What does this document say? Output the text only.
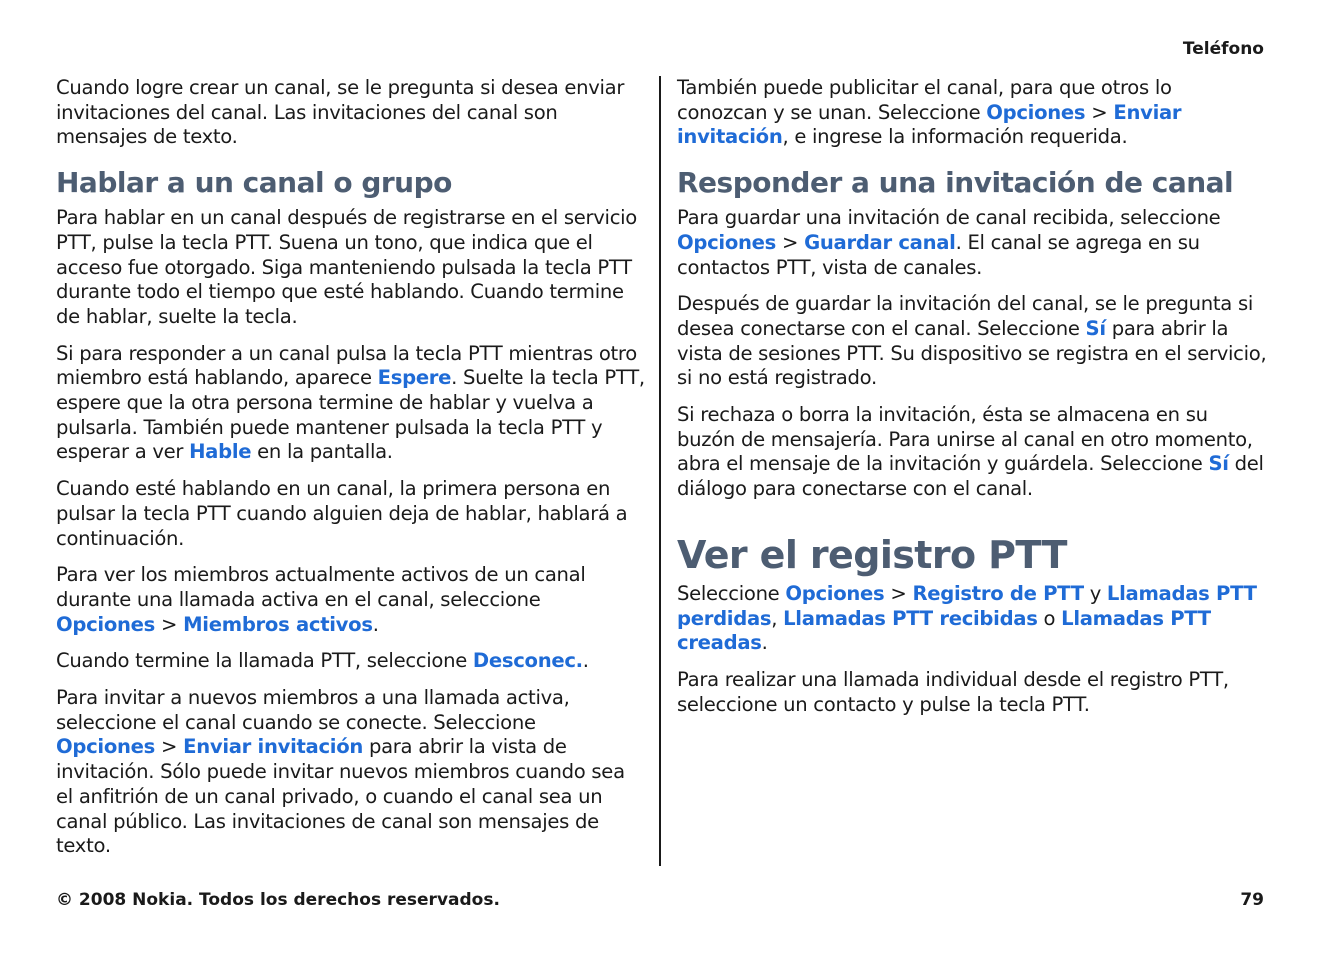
Teléfono

Cuando logre crear un canal, se le pregunta si desea enviar invitaciones del canal. Las invitaciones del canal son mensajes de texto.

Hablar a un canal o grupo

Para hablar en un canal después de registrarse en el servicio PTT, pulse la tecla PTT. Suena un tono, que indica que el acceso fue otorgado. Siga manteniendo pulsada la tecla PTT durante todo el tiempo que esté hablando. Cuando termine de hablar, suelte la tecla.

Si para responder a un canal pulsa la tecla PTT mientras otro miembro está hablando, aparece Espere. Suelte la tecla PTT, espere que la otra persona termine de hablar y vuelva a pulsarla. También puede mantener pulsada la tecla PTT y esperar a ver Hable en la pantalla.

Cuando esté hablando en un canal, la primera persona en pulsar la tecla PTT cuando alguien deja de hablar, hablará a continuación.

Para ver los miembros actualmente activos de un canal durante una llamada activa en el canal, seleccione Opciones > Miembros activos.

Cuando termine la llamada PTT, seleccione Desconec..

Para invitar a nuevos miembros a una llamada activa, seleccione el canal cuando se conecte. Seleccione Opciones > Enviar invitación para abrir la vista de invitación. Sólo puede invitar nuevos miembros cuando sea el anfitrión de un canal privado, o cuando el canal sea un canal público. Las invitaciones de canal son mensajes de texto.

También puede publicitar el canal, para que otros lo conozcan y se unan. Seleccione Opciones > Enviar invitación, e ingrese la información requerida.

Responder a una invitación de canal

Para guardar una invitación de canal recibida, seleccione Opciones > Guardar canal. El canal se agrega en su contactos PTT, vista de canales.

Después de guardar la invitación del canal, se le pregunta si desea conectarse con el canal. Seleccione Sí para abrir la vista de sesiones PTT. Su dispositivo se registra en el servicio, si no está registrado.

Si rechaza o borra la invitación, ésta se almacena en su buzón de mensajería. Para unirse al canal en otro momento, abra el mensaje de la invitación y guárdela. Seleccione Sí del diálogo para conectarse con el canal.

Ver el registro PTT

Seleccione Opciones > Registro de PTT y Llamadas PTT perdidas, Llamadas PTT recibidas o Llamadas PTT creadas.

Para realizar una llamada individual desde el registro PTT, seleccione un contacto y pulse la tecla PTT.

© 2008 Nokia. Todos los derechos reservados.	79
